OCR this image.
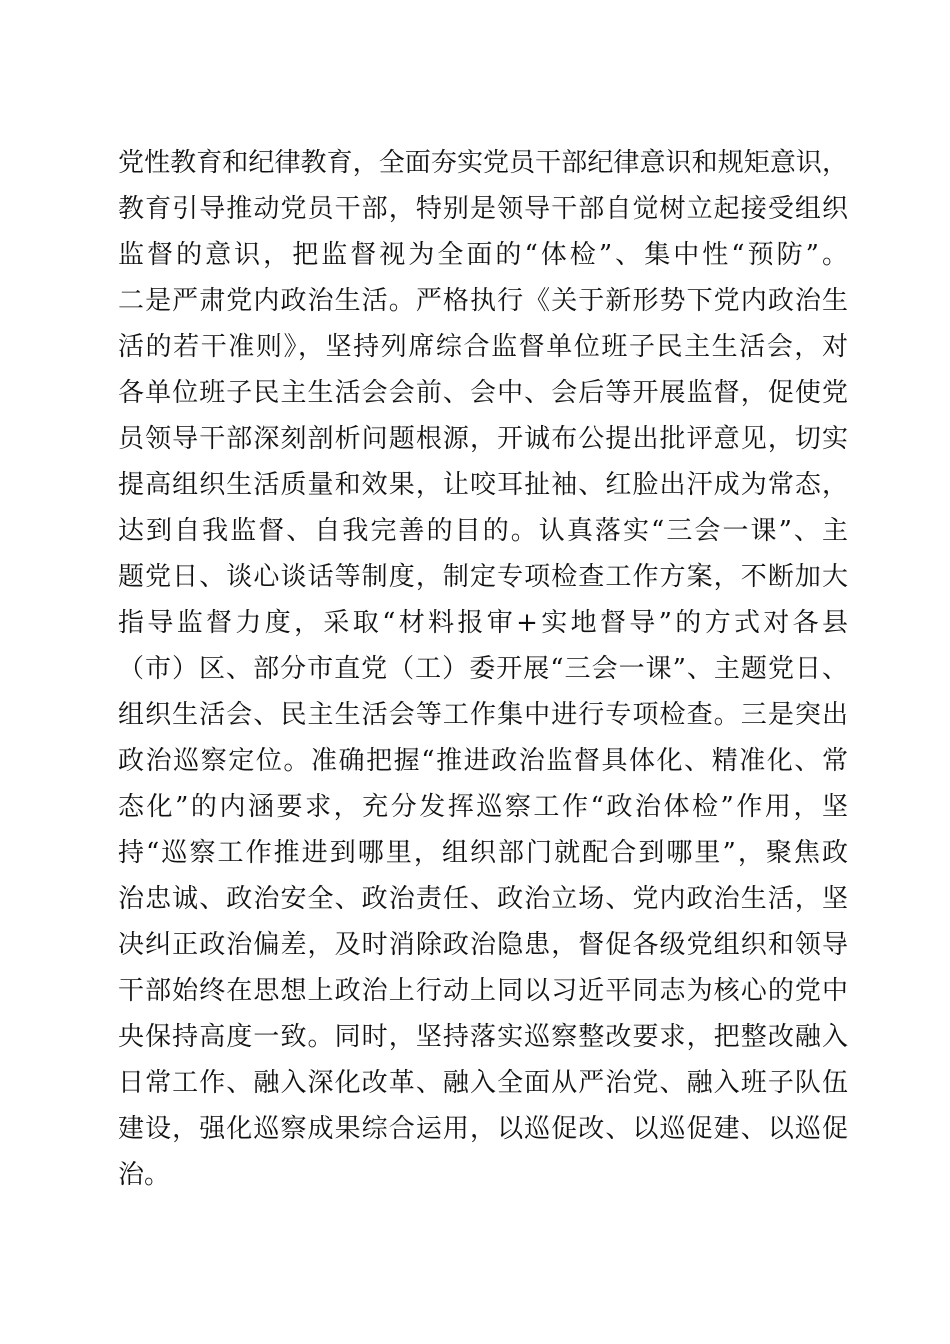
党性教育和纪律教育，全面夯实党员干部纪律意识和规矩意识，
教育引导推动党员干部，特别是领导干部自觉树立起接受组织
监督的意识，把监督视为全面的“体检”、集中性“预防”。
二是严肃党内政治生活。严格执行《关于新形势下党内政治生
活的若干准则》，坚持列席综合监督单位班子民主生活会，对
各单位班子民主生活会会前、会中、会后等开展监督，促使党
员领导干部深刻剖析问题根源，开诚布公提出批评意见，切实
提高组织生活质量和效果，让咬耳扯袖、红脸出汗成为常态，
达到自我监督、自我完善的目的。认真落实“三会一课”、主
题党日、谈心谈话等制度，制定专项检查工作方案，不断加大
指导监督力度，采取“材料报审+实地督导”的方式对各县
（市）区、部分市直党（工）委开展“三会一课”、主题党日、
组织生活会、民主生活会等工作集中进行专项检查。三是突出
政治巡察定位。准确把握“推进政治监督具体化、精准化、常
态化”的内涵要求，充分发挥巡察工作“政治体检”作用，坚
持“巡察工作推进到哪里，组织部门就配合到哪里”，聚焦政
治忠诚、政治安全、政治责任、政治立场、党内政治生活，坚
决纠正政治偏差，及时消除政治隐患，督促各级党组织和领导
干部始终在思想上政治上行动上同以习近平同志为核心的党中
央保持高度一致。同时，坚持落实巡察整改要求，把整改融入
日常工作、融入深化改革、融入全面从严治党、融入班子队伍
建设，强化巡察成果综合运用，以巡促改、以巡促建、以巡促
治。
